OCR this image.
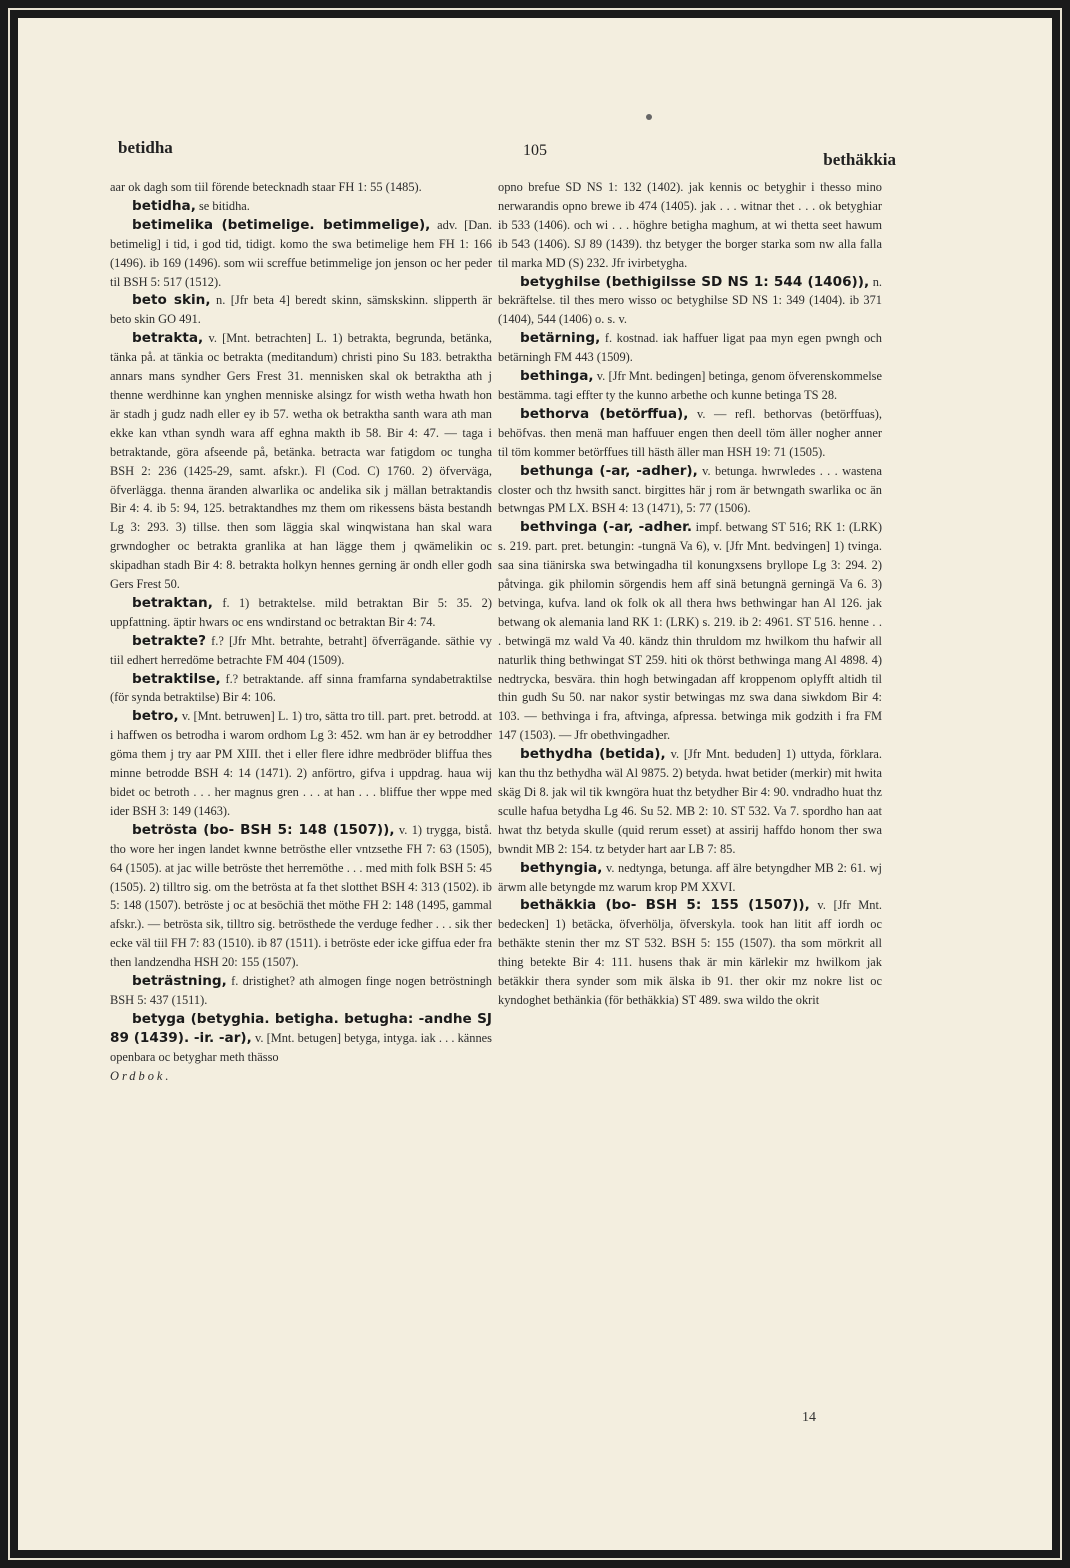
betidha	105	bethäkkia

aar ok dagh som tiil förende betecknadh staar FH 1: 55 (1485).

betidha, se bitidha.

betimelika (betimelige. betimmelige), adv. [Dan. betimelig] i tid, i god tid, tidigt. komo the swa betimelige hem FH 1: 166 (1496). ib 169 (1496). som wii screffue betimmelige jon jenson oc her peder til BSH 5: 517 (1512).

beto skin, n. [Jfr beta 4] beredt skinn, sämskskinn. slipperth är beto skin GO 491.

betrakta, v. [Mnt. betrachten] L. 1) betrakta, begrunda, betänka, tänka på. at tänkia oc betrakta (meditandum) christi pino Su 183. betraktha annars mans syndher Gers Frest 31. mennisken skal ok betraktha ath j thenne werdhinne kan ynghen menniske alsingz for wisth wetha hwath hon är stadh j gudz nadh eller ey ib 57. wetha ok betraktha santh wara ath man ekke kan vthan syndh wara aff eghna makth ib 58. Bir 4: 47. — taga i betraktande, göra afseende på, betänka. betracta war fatigdom oc tungha BSH 2: 236 (1425-29, samt. afskr.). Fl (Cod. C) 1760. 2) öfverväga, öfverlägga. thenna äranden alwarlika oc andelika sik j mällan betraktandis Bir 4: 4. ib 5: 94, 125. betraktandhes mz them om rikessens bästa bestandh Lg 3: 293. 3) tillse. then som läggia skal winqwistana han skal wara grwndogher oc betrakta granlika at han lägge them j qwämelikin oc skipadhan stadh Bir 4: 8. betrakta holkyn hennes gerning är ondh eller godh Gers Frest 50.

betraktan, f. 1) betraktelse. mild betraktan Bir 5: 35. 2) uppfattning. äptir hwars oc ens wndirstand oc betraktan Bir 4: 74.

betrakte? f.? [Jfr Mht. betrahte, betraht] öfverrägande. säthie vy tiil edhert herredöme betrachte FM 404 (1509).

betraktilse, f.? betraktande. aff sinna framfarna syndabetraktilse (för synda betraktilse) Bir 4: 106.

betro, v. [Mnt. betruwen] L. 1) tro, sätta tro till. part. pret. betrodd. at i haffwen os betrodha i warom ordhom Lg 3: 452. wm han är ey betroddher göma them j try aar PM XIII. thet i eller flere idhre medbröder bliffua thes minne betrodde BSH 4: 14 (1471). 2) anförtro, gifva i uppdrag. haua wij bidet oc betroth . . . her magnus gren . . . at han . . . bliffue ther wppe med ider BSH 3: 149 (1463).

betrösta (bo- BSH 5: 148 (1507)), v. 1) trygga, bistå. tho wore her ingen landet kwnne betrösthe eller vntzsethe FH 7: 63 (1505), 64 (1505). at jac wille betröste thet herremöthe . . . med mith folk BSH 5: 45 (1505). 2) tilltro sig. om the betrösta at fa thet slotthet BSH 4: 313 (1502). ib 5: 148 (1507). betröste j oc at besöchiä thet möthe FH 2: 148 (1495, gammal afskr.). — betrösta sik, tilltro sig. betrösthede the verduge fedher . . . sik ther ecke väl tiil FH 7: 83 (1510). ib 87 (1511). i betröste eder icke giffua eder fra then landzendha HSH 20: 155 (1507).

beträstning, f. dristighet? ath almogen finge nogen betröstningh BSH 5: 437 (1511).

betyga (betyghia. betigha. betugha: -andhe SJ 89 (1439). -ir. -ar), v. [Mnt. betugen] betyga, intyga. iak . . . kännes openbara oc betyghar meth thässo

Ordbok.

opno brefue SD NS 1: 132 (1402). jak kennis oc betyghir i thesso mino nerwarandis opno brewe ib 474 (1405). jak . . . witnar thet . . . ok betyghiar ib 533 (1406). och wi . . . höghre betigha maghum, at wi thetta seet hawum ib 543 (1406). SJ 89 (1439). thz betyger the borger starka som nw alla falla til marka MD (S) 232. Jfr ivirbetygha.

betyghilse (bethigilsse SD NS 1: 544 (1406)), n. bekräftelse. til thes mero wisso oc betyghilse SD NS 1: 349 (1404). ib 371 (1404), 544 (1406) o. s. v.

betärning, f. kostnad. iak haffuer ligat paa myn egen pwngh och betärningh FM 443 (1509).

bethinga, v. [Jfr Mnt. bedingen] betinga, genom öfverenskommelse bestämma. tagi effter ty the kunno arbethe och kunne betinga TS 28.

bethorva (betörffua), v. — refl. bethorvas (betörffuas), behöfvas. then menä man haffuuer engen then deell töm äller nogher anner til töm kommer betörffues till hästh äller man HSH 19: 71 (1505).

bethunga (-ar, -adher), v. betunga. hwrwledes . . . wastena closter och thz hwsith sanct. birgittes här j rom är betwngath swarlika oc än betwngas PM LX. BSH 4: 13 (1471), 5: 77 (1506).

bethvinga (-ar, -adher. impf. betwang ST 516; RK 1: (LRK) s. 219. part. pret. betungin: -tungnä Va 6), v. [Jfr Mnt. bedvingen] 1) tvinga. saa sina tiänirska swa betwingadha til konungxsens bryllope Lg 3: 294. 2) påtvinga. gik philomin sörgendis hem aff sinä betungnä gerningä Va 6. 3) betvinga, kufva. land ok folk ok all thera hws bethwingar han Al 126. jak betwang ok alemania land RK 1: (LRK) s. 219. ib 2: 4961. ST 516. henne . . . betwingä mz wald Va 40. kändz thin thruldom mz hwilkom thu hafwir all naturlik thing bethwingat ST 259. hiti ok thörst bethwinga mang Al 4898. 4) nedtrycka, besvära. thin hogh betwingadan aff kroppenom oplyfft altidh til thin gudh Su 50. nar nakor systir betwingas mz swa dana siwkdom Bir 4: 103. — bethvinga i fra, aftvinga, afpressa. betwinga mik godzith i fra FM 147 (1503). — Jfr obethvingadher.

bethydha (betida), v. [Jfr Mnt. beduden] 1) uttyda, förklara. kan thu thz bethydha wäl Al 9875. 2) betyda. hwat betider (merkir) mit hwita skäg Di 8. jak wil tik kwngöra huat thz betydher Bir 4: 90. vndradho huat thz sculle hafua betydha Lg 46. Su 52. MB 2: 10. ST 532. Va 7. spordho han aat hwat thz betyda skulle (quid rerum esset) at assirij haffdo honom ther swa bwndit MB 2: 154. tz betyder hart aar LB 7: 85.

bethyngia, v. nedtynga, betunga. aff älre betyngdher MB 2: 61. wj ärwm alle betyngde mz warum krop PM XXVI.

bethäkkia (bo- BSH 5: 155 (1507)), v. [Jfr Mnt. bedecken] 1) betäcka, öfverhölja, öfverskyla. took han litit aff iordh oc bethäkte stenin ther mz ST 532. BSH 5: 155 (1507). tha som mörkrit all thing betekte Bir 4: 111. husens thak är min kärlekir mz hwilkom jak betäkkir thera synder som mik älska ib 91. ther okir mz nokre list oc kyndoghet bethänkia (för bethäkkia) ST 489. swa wildo the okrit

14
